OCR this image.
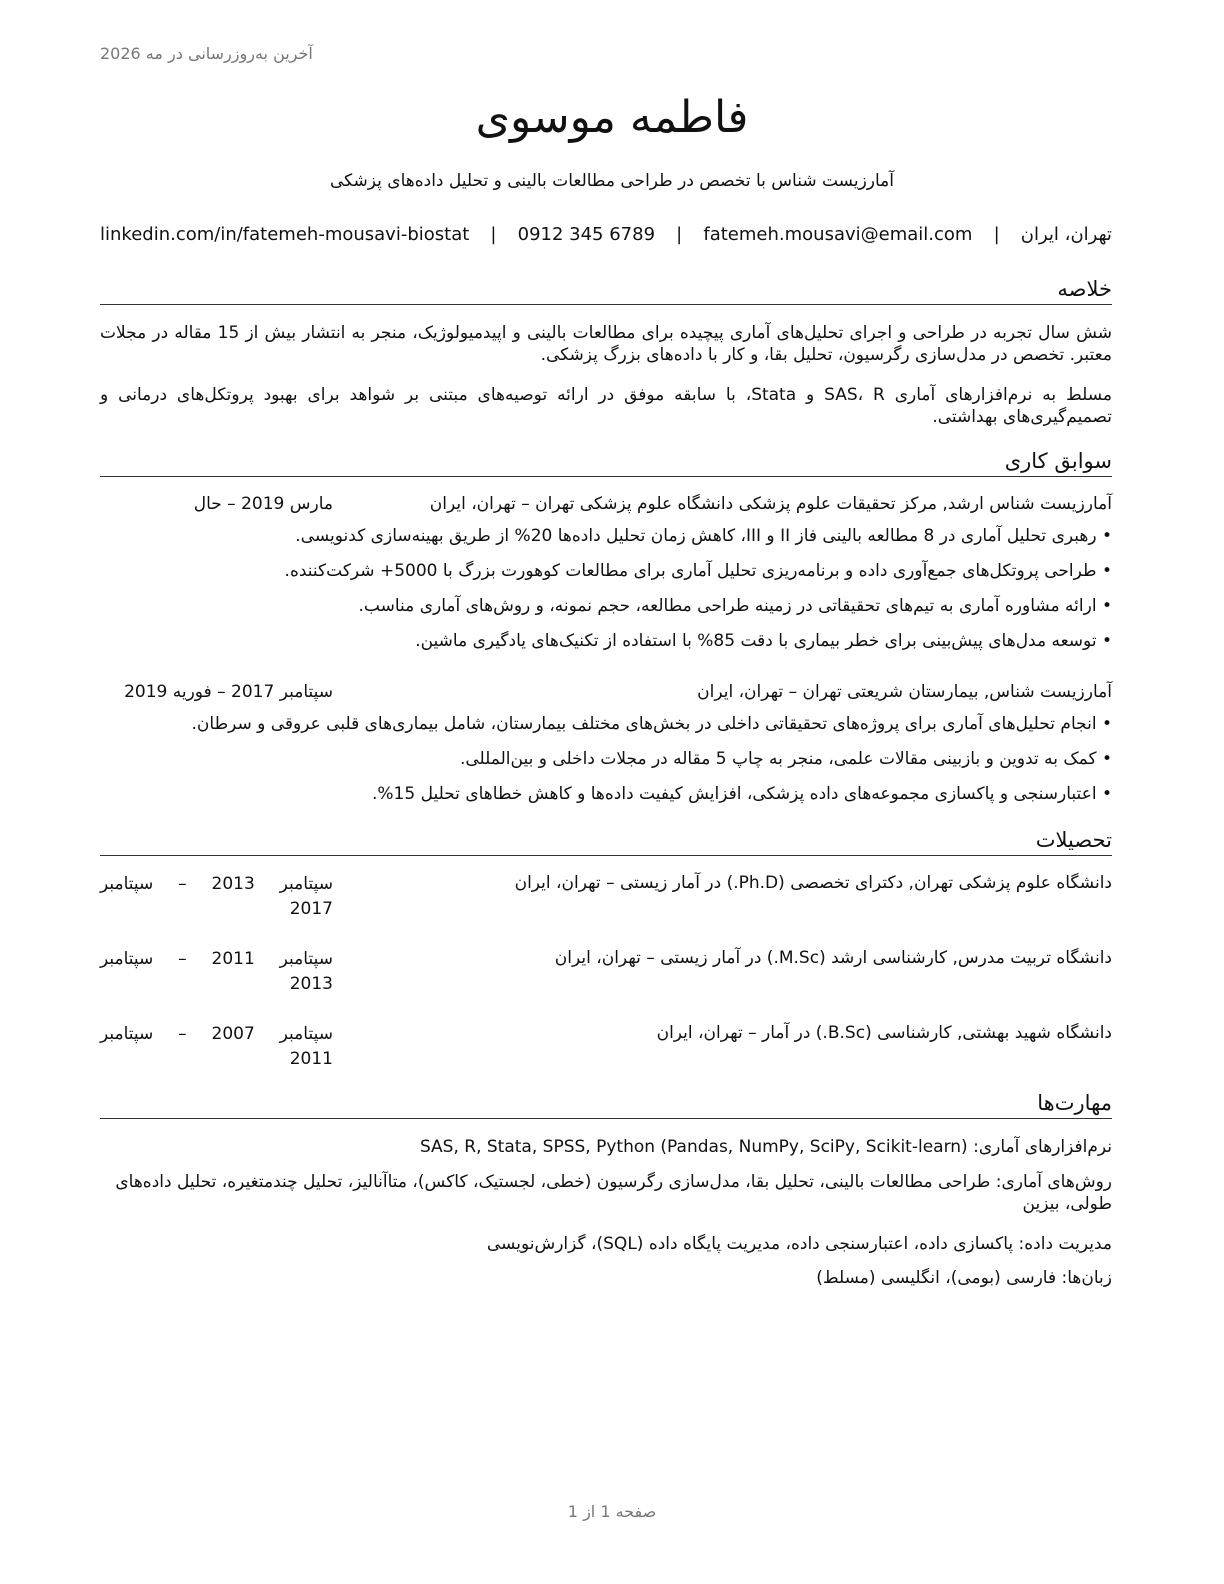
آخرین به‌روزرسانی در مه 2026
فاطمه موسوی
آمارزیست شناس با تخصص در طراحی مطالعات بالینی و تحلیل داده‌های پزشکی
linkedin.com/in/fatemeh-mousavi-biostat | 0912 345 6789 | fatemeh.mousavi@email.com | تهران، ایران
خلاصه
شش سال تجربه در طراحی و اجرای تحلیل‌های آماری پیچیده برای مطالعات بالینی و اپیدمیولوژیک، منجر به انتشار بیش از 15 مقاله در مجلات معتبر. تخصص در مدل‌سازی رگرسیون، تحلیل بقا، و کار با داده‌های بزرگ پزشکی.
مسلط به نرم‌افزارهای آماری SAS، R و Stata، با سابقه موفق در ارائه توصیه‌های مبتنی بر شواهد برای بهبود پروتکل‌های درمانی و تصمیم‌گیری‌های بهداشتی.
سوابق کاری
آمارزیست شناس ارشد, مرکز تحقیقات علوم پزشکی دانشگاه علوم پزشکی تهران – تهران، ایران
مارس 2019 – حال
• رهبری تحلیل آماری در 8 مطالعه بالینی فاز II و III، کاهش زمان تحلیل داده‌ها 20% از طریق بهینه‌سازی کدنویسی.
• طراحی پروتکل‌های جمع‌آوری داده و برنامه‌ریزی تحلیل آماری برای مطالعات کوهورت بزرگ با 5000+ شرکت‌کننده.
• ارائه مشاوره آماری به تیم‌های تحقیقاتی در زمینه طراحی مطالعه، حجم نمونه، و روش‌های آماری مناسب.
• توسعه مدل‌های پیش‌بینی برای خطر بیماری با دقت 85% با استفاده از تکنیک‌های یادگیری ماشین.
آمارزیست شناس, بیمارستان شریعتی تهران – تهران، ایران
سپتامبر 2017 – فوریه 2019
• انجام تحلیل‌های آماری برای پروژه‌های تحقیقاتی داخلی در بخش‌های مختلف بیمارستان، شامل بیماری‌های قلبی عروقی و سرطان.
• کمک به تدوین و بازبینی مقالات علمی، منجر به چاپ 5 مقاله در مجلات داخلی و بین‌المللی.
• اعتبارسنجی و پاکسازی مجموعه‌های داده پزشکی، افزایش کیفیت داده‌ها و کاهش خطاهای تحلیل 15%.
تحصیلات
دانشگاه علوم پزشکی تهران, دکترای تخصصی (Ph.D.) در آمار زیستی – تهران، ایران
سپتامبر – 2013 سپتامبر
2017
دانشگاه تربیت مدرس, کارشناسی ارشد (M.Sc.) در آمار زیستی – تهران، ایران
سپتامبر – 2011 سپتامبر
2013
دانشگاه شهید بهشتی, کارشناسی (B.Sc.) در آمار – تهران، ایران
سپتامبر – 2007 سپتامبر
2011
مهارت‌ها
نرم‌افزارهای آماری: SAS, R, Stata, SPSS, Python (Pandas, NumPy, SciPy, Scikit-learn)
روش‌های آماری: طراحی مطالعات بالینی، تحلیل بقا، مدل‌سازی رگرسیون (خطی، لجستیک، کاکس)، متاآنالیز، تحلیل چندمتغیره، تحلیل داده‌های طولی، بیزین
مدیریت داده: پاکسازی داده، اعتبارسنجی داده، مدیریت پایگاه داده (SQL)، گزارش‌نویسی
زبان‌ها: فارسی (بومی)، انگلیسی (مسلط)
صفحه 1 از 1
